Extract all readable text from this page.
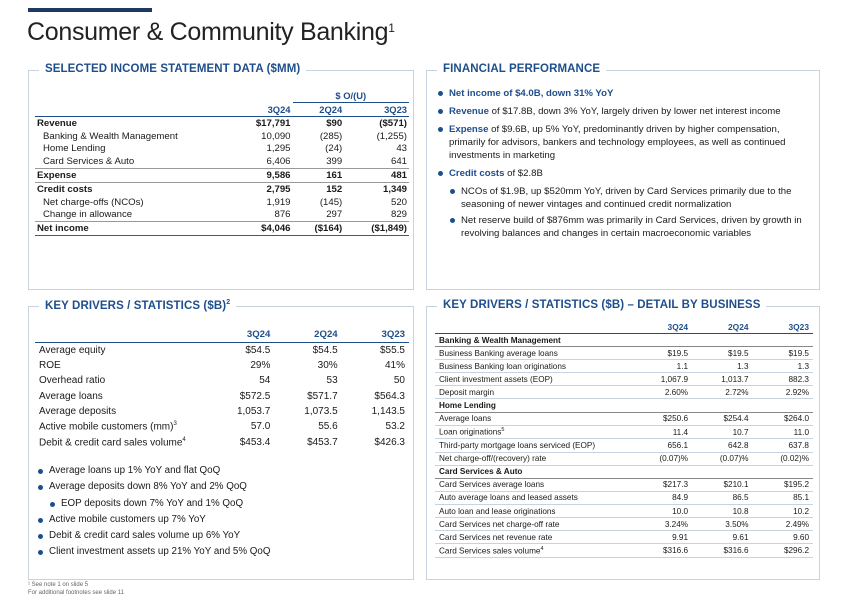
Consumer & Community Banking$^1$
SELECTED INCOME STATEMENT DATA ($MM)
		$ O/(U)	
	3Q24	2Q24	3Q23
Revenue	$17,791	$90	($571)
Banking & Wealth Management	10,090	(285)	(1,255)
Home Lending	1,295	(24)	43
Card Services & Auto	6,406	399	641
Expense	9,586	161	481
Credit costs	2,795	152	1,349
Net charge-offs (NCOs)	1,919	(145)	520
Change in allowance	876	297	829
Net income	$4,046	($164)	($1,849)
FINANCIAL PERFORMANCE
Net income of $4.0B, down 31% YoY
Revenue of $17.8B, down 3% YoY, largely driven by lower net interest income
Expense of $9.6B, up 5% YoY, predominantly driven by higher compensation, primarily for advisors, bankers and technology employees, as well as continued investments in marketing
Credit costs of $2.8B
NCOs of $1.9B, up $520mm YoY, driven by Card Services primarily due to the seasoning of newer vintages and continued credit normalization
Net reserve build of $876mm was primarily in Card Services, driven by growth in revolving balances and changes in certain macroeconomic variables
KEY DRIVERS / STATISTICS ($B)$^2$
	3Q24	2Q24	3Q23
Average equity	$54.5	$54.5	$55.5
ROE	29%	30%	41%
Overhead ratio	54	53	50
Average loans	$572.5	$571.7	$564.3
Average deposits	1,053.7	1,073.5	1,143.5
Active mobile customers (mm)$^3$	57.0	55.6	53.2
Debit & credit card sales volume$^4$	$453.4	$453.7	$426.3
Average loans up 1% YoY and flat QoQ
Average deposits down 8% YoY and 2% QoQ
EOP deposits down 7% YoY and 1% QoQ
Active mobile customers up 7% YoY
Debit & credit card sales volume up 6% YoY
Client investment assets up 21% YoY and 5% QoQ
KEY DRIVERS / STATISTICS ($B) – DETAIL BY BUSINESS
	3Q24	2Q24	3Q23
Banking & Wealth Management			
Business Banking average loans	$19.5	$19.5	$19.5
Business Banking loan originations	1.1	1.3	1.3
Client investment assets (EOP)	1,067.9	1,013.7	882.3
Deposit margin	2.60%	2.72%	2.92%
Home Lending			
Average loans	$250.6	$254.4	$264.0
Loan originations$^5$	11.4	10.7	11.0
Third-party mortgage loans serviced (EOP)	656.1	642.8	637.8
Net charge-off/(recovery) rate	(0.07)%	(0.07)%	(0.02)%
Card Services & Auto			
Card Services average loans	$217.3	$210.1	$195.2
Auto average loans and leased assets	84.9	86.5	85.1
Auto loan and lease originations	10.0	10.8	10.2
Card Services net charge-off rate	3.24%	3.50%	2.49%
Card Services net revenue rate	9.91	9.61	9.60
Card Services sales volume$^4$	$316.6	$316.6	$296.2
¹ See note 1 on slide 5
For additional footnotes see slide 11
